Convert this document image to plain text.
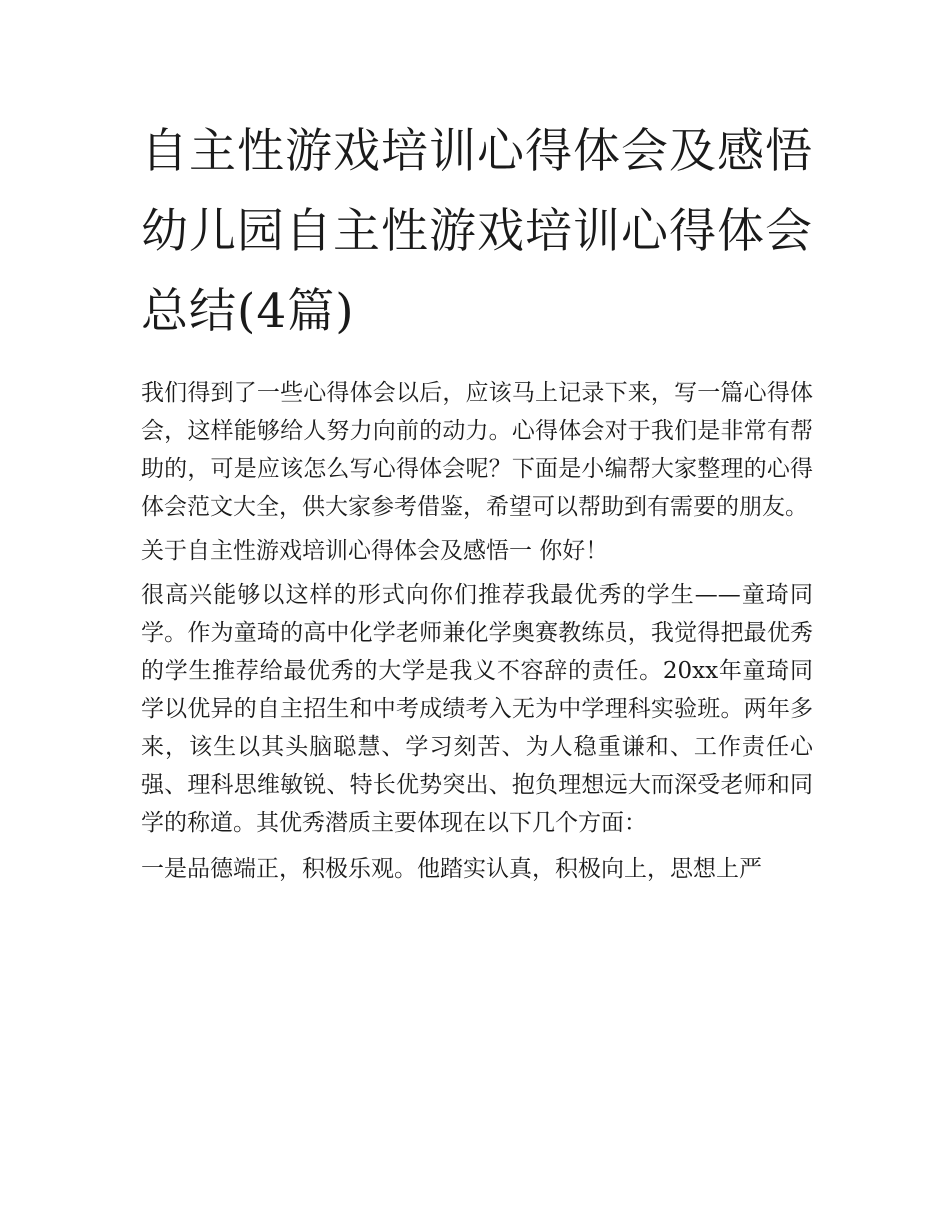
自主性游戏培训心得体会及感悟 幼儿园自主性游戏培训心得体会总结(4篇)

我们得到了一些心得体会以后，应该马上记录下来，写一篇心得体会，这样能够给人努力向前的动力。心得体会对于我们是非常有帮助的，可是应该怎么写心得体会呢？下面是小编帮大家整理的心得体会范文大全，供大家参考借鉴，希望可以帮助到有需要的朋友。

关于自主性游戏培训心得体会及感悟一 你好！

很高兴能够以这样的形式向你们推荐我最优秀的学生——童琦同学。作为童琦的高中化学老师兼化学奥赛教练员，我觉得把最优秀的学生推荐给最优秀的大学是我义不容辞的责任。20xx年童琦同学以优异的自主招生和中考成绩考入无为中学理科实验班。两年多来，该生以其头脑聪慧、学习刻苦、为人稳重谦和、工作责任心强、理科思维敏锐、特长优势突出、抱负理想远大而深受老师和同学的称道。其优秀潜质主要体现在以下几个方面：

一是品德端正，积极乐观。他踏实认真，积极向上，思想上严
